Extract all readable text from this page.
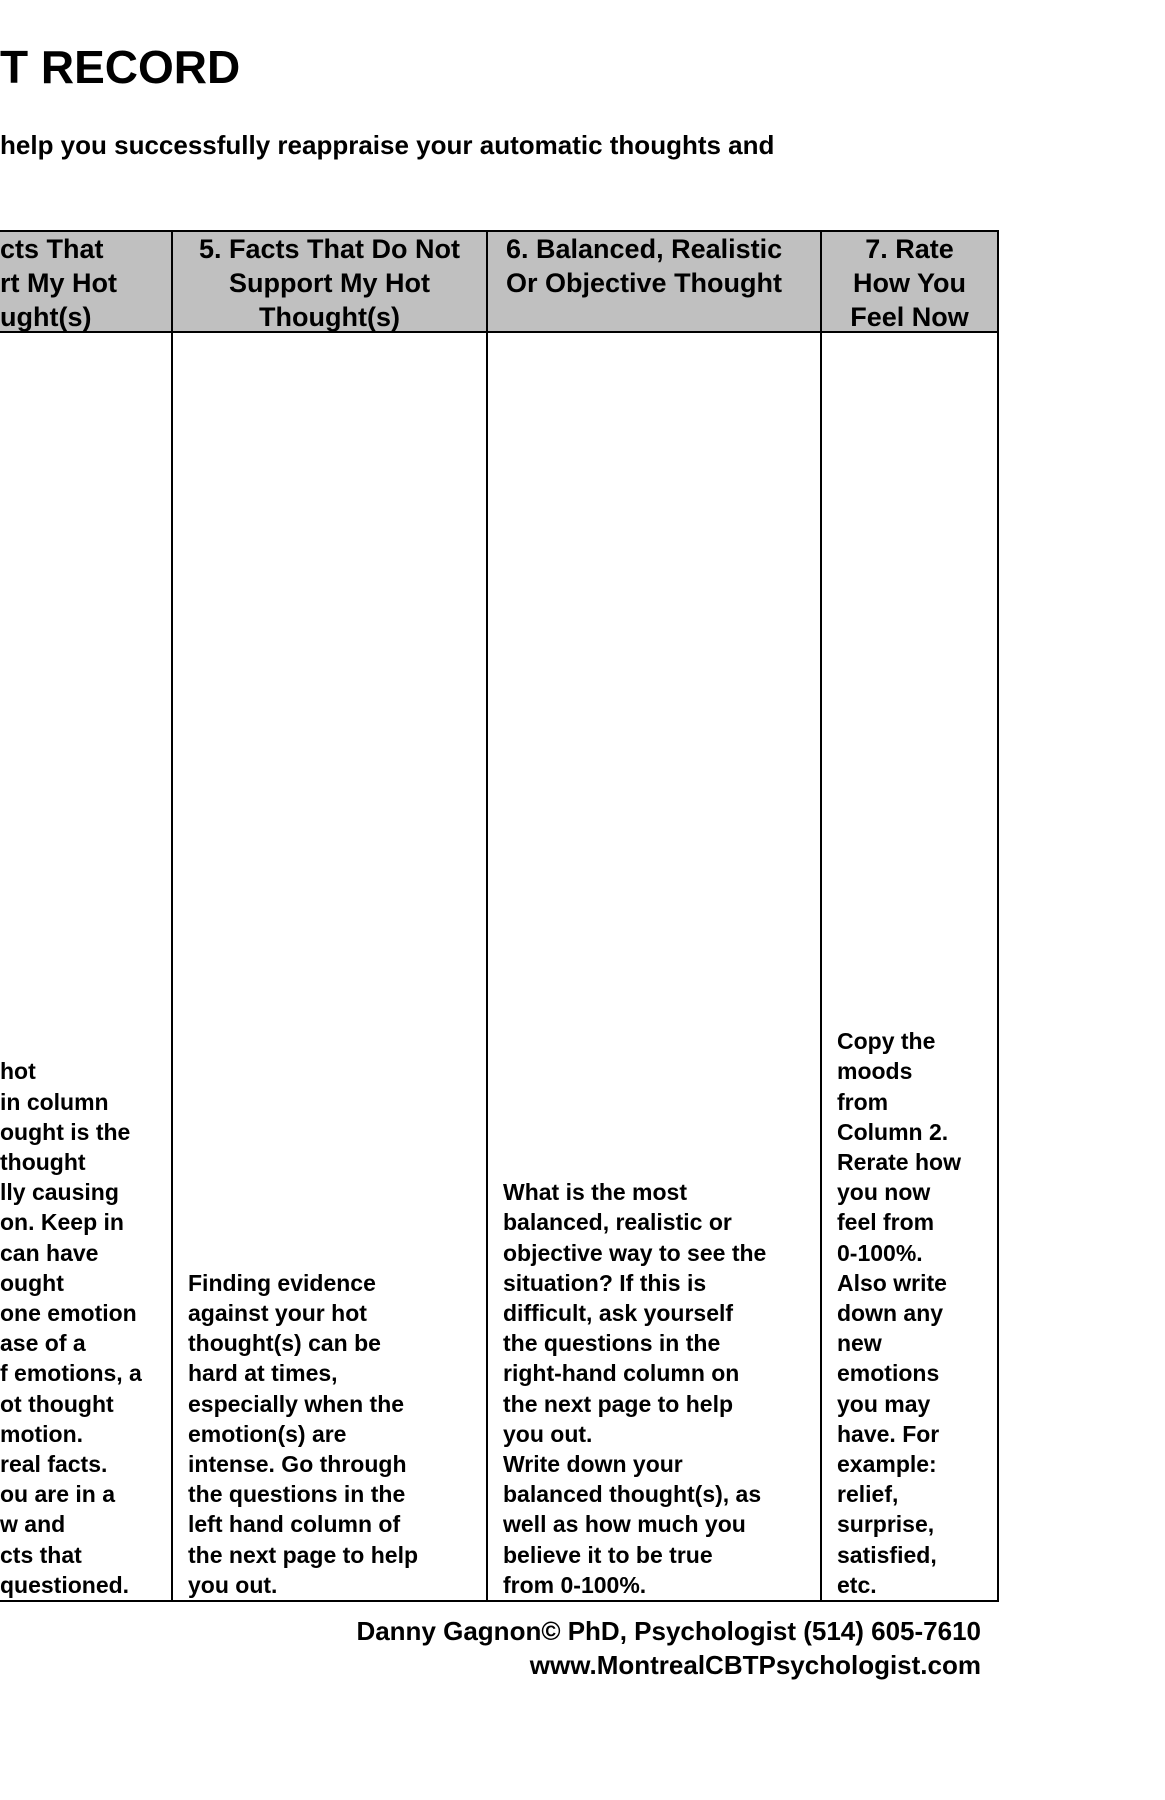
T RECORD
help you successfully reappraise your automatic thoughts and
cts That
rt My Hot
ught(s)
hot
in column
ought is the
thought
lly causing
on. Keep in
can have
ought
one emotion
ase of a
f emotions, a
ot thought
motion.
real facts.
ou are in a
w and
cts that
questioned.
5. Facts That Do Not
Support My Hot
Thought(s)
Finding evidence
against your hot
thought(s) can be
hard at times,
especially when the
emotion(s) are
intense. Go through
the questions in the
left hand column of
the next page to help
you out.
6. Balanced, Realistic
Or Objective Thought
What is the most
balanced, realistic or
objective way to see the
situation? If this is
difficult, ask yourself
the questions in the
right-hand column on
the next page to help
you out.
Write down your
balanced thought(s), as
well as how much you
believe it to be true
from 0-100%.
7. Rate
How You
Feel Now
Copy the
moods
from
Column 2.
Rerate how
you now
feel from
0-100%.
Also write
down any
new
emotions
you may
have. For
example:
relief,
surprise,
satisfied,
etc.
Danny Gagnon© PhD, Psychologist (514) 605-7610
www.MontrealCBTPsychologist.com
